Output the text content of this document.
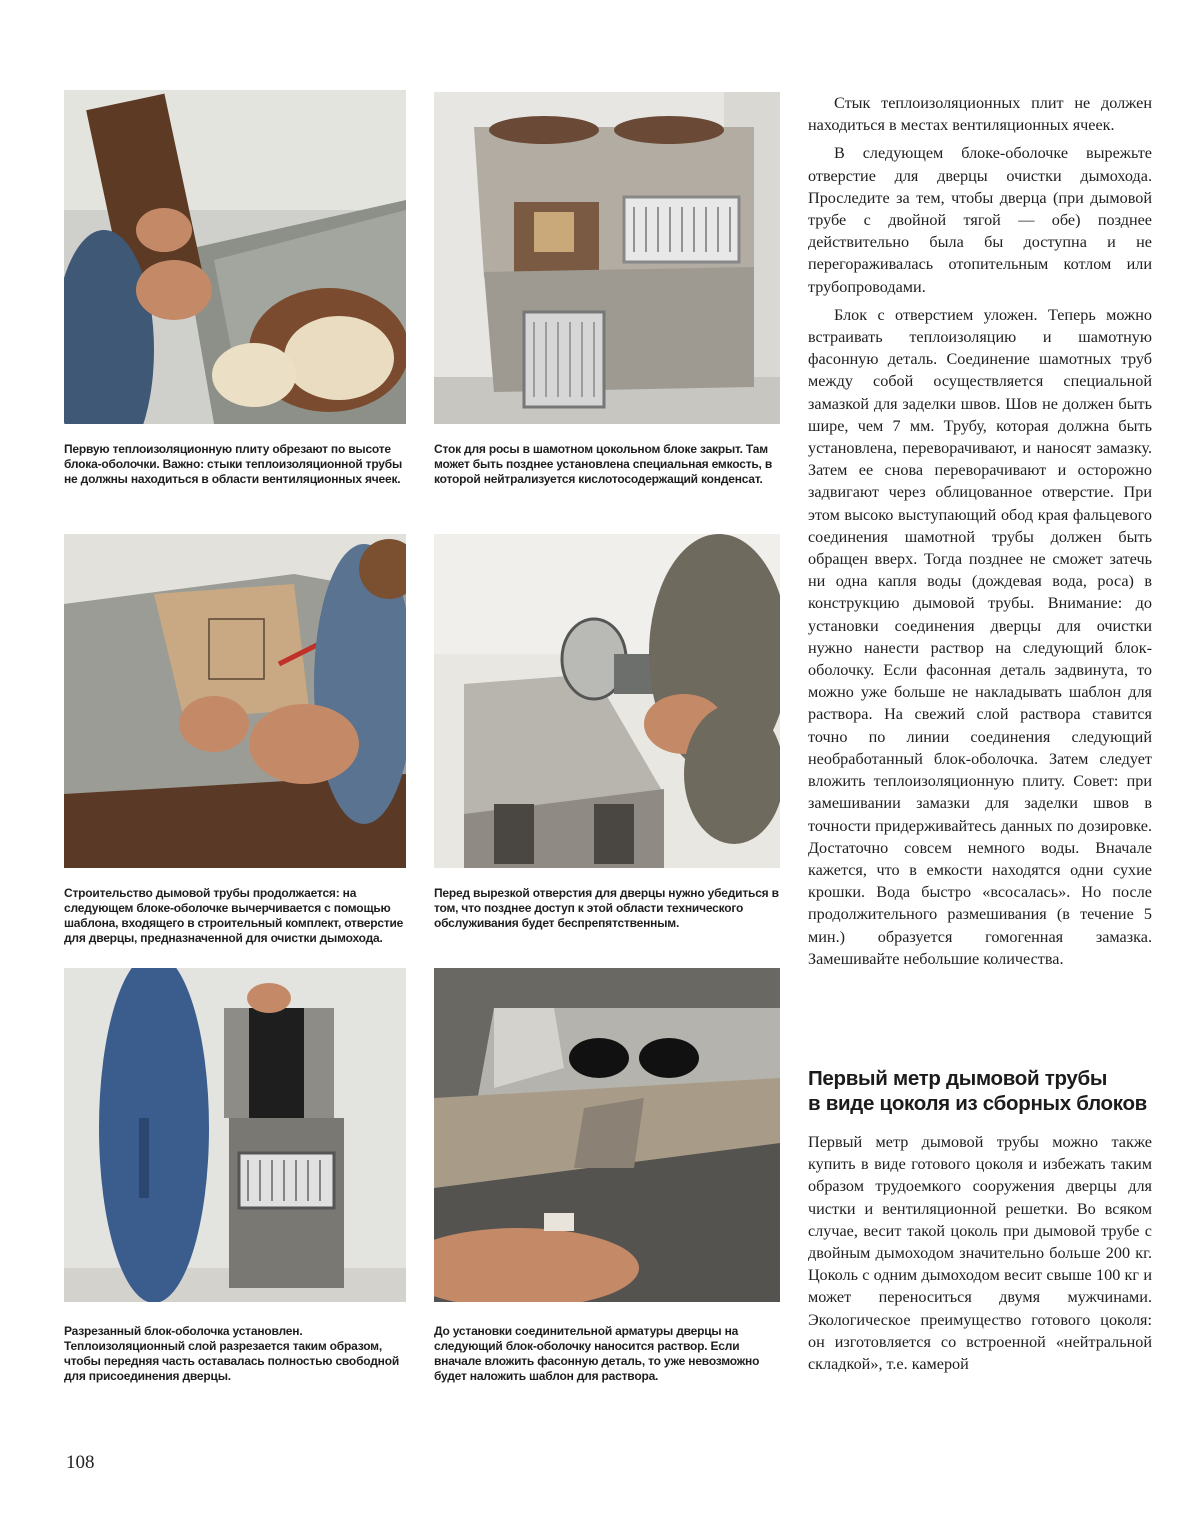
Первую теплоизоляционную плиту обрезают по высоте блока-оболочки. Важно: стыки теплоизоляционной трубы не должны находиться в области вентиляционных ячеек.
Сток для росы в шамотном цокольном блоке закрыт. Там может быть позднее установлена специальная емкость, в которой нейтрализуется кислотосодержащий конденсат.
Строительство дымовой трубы продолжается: на следующем блоке-оболочке вычерчивается с помощью шаблона, входящего в строительный комплект, отверстие для дверцы, предназначенной для очистки дымохода.
Перед вырезкой отверстия для дверцы нужно убедиться в том, что позднее доступ к этой области технического обслуживания будет беспрепятственным.
Разрезанный блок-оболочка установлен. Теплоизоляционный слой разрезается таким образом, чтобы передняя часть оставалась полностью свободной для присоединения дверцы.
До установки соединительной арматуры дверцы на следующий блок-оболочку наносится раствор. Если вначале вложить фасонную деталь, то уже невозможно будет наложить шаблон для раствора.

Стык теплоизоляционных плит не должен находиться в местах вентиляционных ячеек.

В следующем блоке-оболочке вырежьте отверстие для дверцы очистки дымохода. Проследите за тем, чтобы дверца (при дымовой трубе с двойной тягой — обе) позднее действительно была бы доступна и не перегораживалась отопительным котлом или трубопроводами.

Блок с отверстием уложен. Теперь можно встраивать теплоизоляцию и шамотную фасонную деталь. Соединение шамотных труб между собой осуществляется специальной замазкой для заделки швов. Шов не должен быть шире, чем 7 мм. Трубу, которая должна быть установлена, переворачивают, и наносят замазку. Затем ее снова переворачивают и осторожно задвигают через облицованное отверстие. При этом высоко выступающий обод края фальцевого соединения шамотной трубы должен быть обращен вверх. Тогда позднее не сможет затечь ни одна капля воды (дождевая вода, роса) в конструкцию дымовой трубы. Внимание: до установки соединения дверцы для очистки нужно нанести раствор на следующий блок-оболочку. Если фасонная деталь задвинута, то можно уже больше не накладывать шаблон для раствора. На свежий слой раствора ставится точно по линии соединения следующий необработанный блок-оболочка. Затем следует вложить теплоизоляционную плиту. Совет: при замешивании замазки для заделки швов в точности придерживайтесь данных по дозировке. Достаточно совсем немного воды. Вначале кажется, что в емкости находятся одни сухие крошки. Вода быстро «всосалась». Но после продолжительного размешивания (в течение 5 мин.) образуется гомогенная замазка. Замешивайте небольшие количества.

Первый метр дымовой трубы
в виде цоколя из сборных блоков

Первый метр дымовой трубы можно также купить в виде готового цоколя и избежать таким образом трудоемкого сооружения дверцы для чистки и вентиляционной решетки. Во всяком случае, весит такой цоколь при дымовой трубе с двойным дымоходом значительно больше 200 кг. Цоколь с одним дымоходом весит свыше 100 кг и может переноситься двумя мужчинами. Экологическое преимущество готового цоколя: он изготовляется со встроенной «нейтральной складкой», т.е. камерой

108
